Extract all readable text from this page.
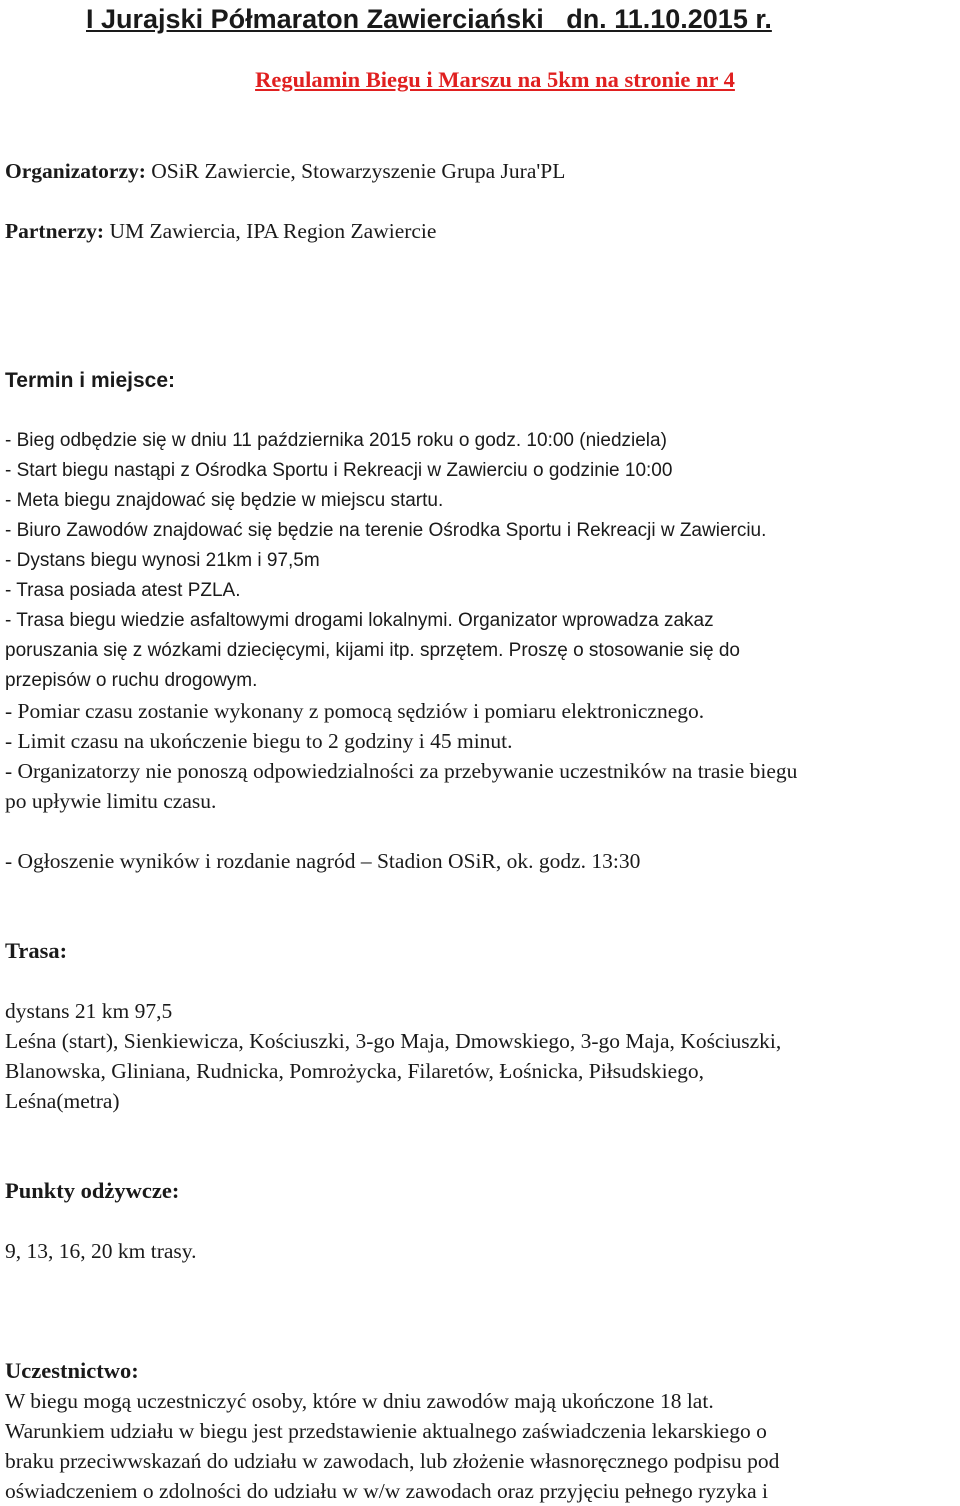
I Jurajski Półmaraton Zawierciański   dn. 11.10.2015 r.
Regulamin Biegu i Marszu na 5km na stronie nr 4
Organizatorzy: OSiR Zawiercie, Stowarzyszenie Grupa Jura'PL
Partnerzy: UM Zawiercia, IPA Region Zawiercie
Termin i miejsce:
- Bieg odbędzie się w dniu 11 października 2015 roku o godz. 10:00 (niedziela)
- Start biegu nastąpi z Ośrodka Sportu i Rekreacji w Zawierciu o godzinie 10:00
- Meta biegu znajdować się będzie w miejscu startu.
- Biuro Zawodów znajdować się będzie na terenie Ośrodka Sportu i Rekreacji w Zawierciu.
- Dystans biegu wynosi 21km i 97,5m
- Trasa posiada atest PZLA.
- Trasa biegu wiedzie asfaltowymi drogami lokalnymi. Organizator wprowadza zakaz
poruszania się z wózkami dziecięcymi, kijami itp. sprzętem. Proszę o stosowanie się do
przepisów o ruchu drogowym.
- Pomiar czasu zostanie wykonany z pomocą sędziów i pomiaru elektronicznego.
- Limit czasu na ukończenie biegu to 2 godziny i 45 minut.
- Organizatorzy nie ponoszą odpowiedzialności za przebywanie uczestników na trasie biegu
po upływie limitu czasu.
- Ogłoszenie wyników i rozdanie nagród – Stadion OSiR, ok. godz. 13:30
Trasa:
dystans 21 km 97,5
Leśna (start), Sienkiewicza, Kościuszki, 3-go Maja, Dmowskiego, 3-go Maja, Kościuszki,
Blanowska, Gliniana, Rudnicka, Pomrożycka, Filaretów, Łośnicka, Piłsudskiego,
Leśna(metra)
Punkty odżywcze:
9, 13, 16, 20 km trasy.
Uczestnictwo:
W biegu mogą uczestniczyć osoby, które w dniu zawodów mają ukończone 18 lat.
Warunkiem udziału w biegu jest przedstawienie aktualnego zaświadczenia lekarskiego o
braku przeciwwskazań do udziału w zawodach, lub złożenie własnoręcznego podpisu pod
oświadczeniem o zdolności do udziału w w/w zawodach oraz przyjęciu pełnego ryzyka i
